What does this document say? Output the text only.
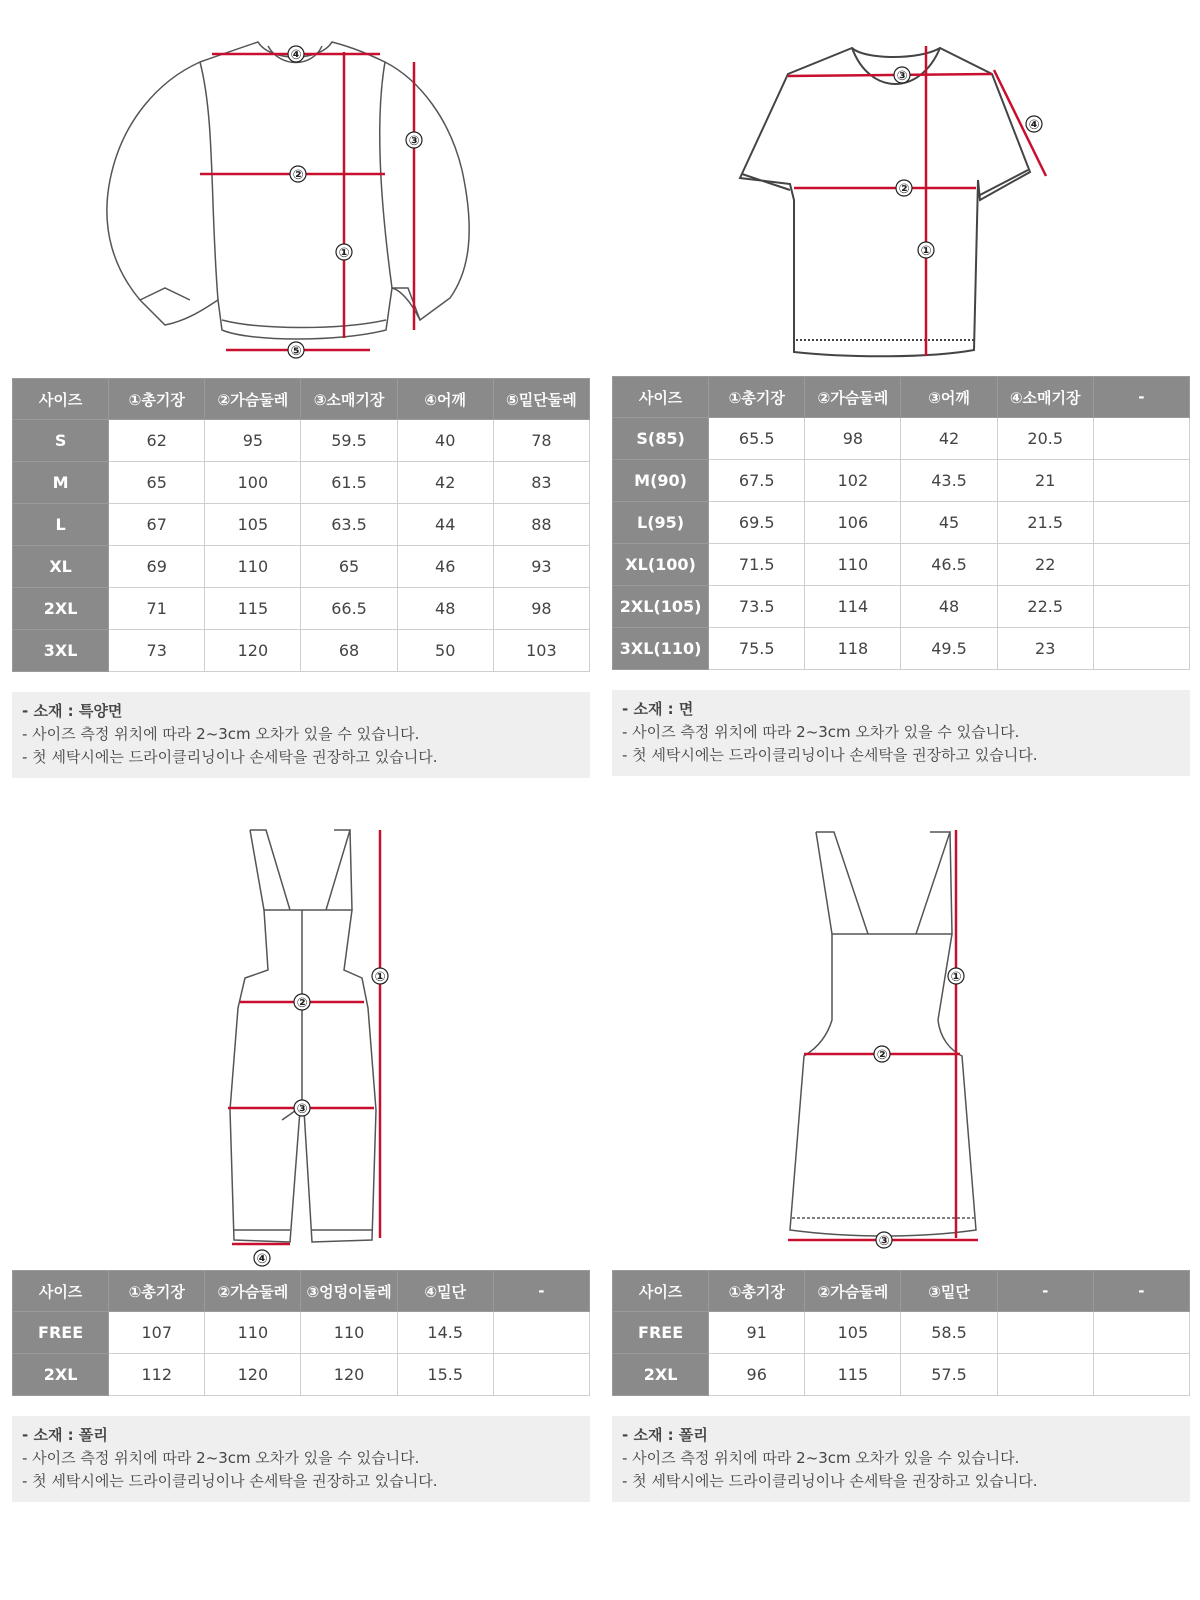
④
②
③
①
⑤
사이즈	①총기장	②가슴둘레	③소매기장	④어깨	⑤밑단둘레
S	62	95	59.5	40	78
M	65	100	61.5	42	83
L	67	105	63.5	44	88
XL	69	110	65	46	93
2XL	71	115	66.5	48	98
3XL	73	120	68	50	103
- 소재 : 특양면
- 사이즈 측정 위치에 따라 2~3cm 오차가 있을 수 있습니다.
- 첫 세탁시에는 드라이클리닝이나 손세탁을 권장하고 있습니다.
③
②
①
④
사이즈	①총기장	②가슴둘레	③어깨	④소매기장	-
S(85)	65.5	98	42	20.5	
M(90)	67.5	102	43.5	21	
L(95)	69.5	106	45	21.5	
XL(100)	71.5	110	46.5	22	
2XL(105)	73.5	114	48	22.5	
3XL(110)	75.5	118	49.5	23	
- 소재 : 면
- 사이즈 측정 위치에 따라 2~3cm 오차가 있을 수 있습니다.
- 첫 세탁시에는 드라이클리닝이나 손세탁을 권장하고 있습니다.
①
②
③
④
사이즈	①총기장	②가슴둘레	③엉덩이둘레	④밑단	-
FREE	107	110	110	14.5	
2XL	112	120	120	15.5	
- 소재 : 폴리
- 사이즈 측정 위치에 따라 2~3cm 오차가 있을 수 있습니다.
- 첫 세탁시에는 드라이클리닝이나 손세탁을 권장하고 있습니다.
①
②
③
사이즈	①총기장	②가슴둘레	③밑단	-	-
FREE	91	105	58.5		
2XL	96	115	57.5		
- 소재 : 폴리
- 사이즈 측정 위치에 따라 2~3cm 오차가 있을 수 있습니다.
- 첫 세탁시에는 드라이클리닝이나 손세탁을 권장하고 있습니다.
